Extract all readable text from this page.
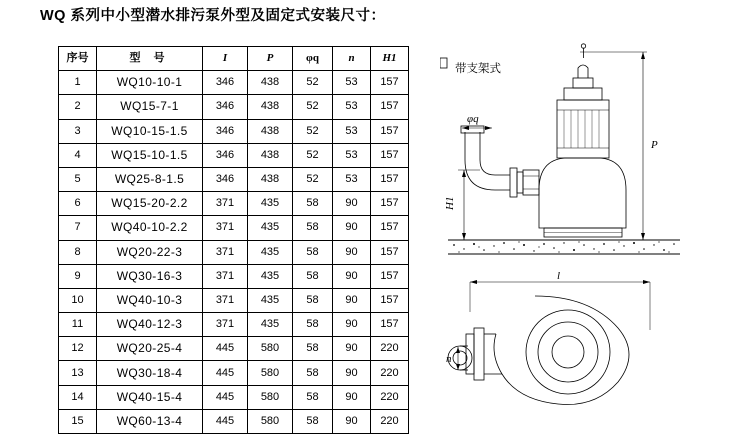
WQ 系列中小型潜水排污泵外型及固定式安装尺寸：
序号	型 号	I	P	φq	n	H1
1	WQ10-10-1	346	438	52	53	157
2	WQ15-7-1	346	438	52	53	157
3	WQ10-15-1.5	346	438	52	53	157
4	WQ15-10-1.5	346	438	52	53	157
5	WQ25-8-1.5	346	438	52	53	157
6	WQ15-20-2.2	371	435	58	90	157
7	WQ40-10-2.2	371	435	58	90	157
8	WQ20-22-3	371	435	58	90	157
9	WQ30-16-3	371	435	58	90	157
10	WQ40-10-3	371	435	58	90	157
11	WQ40-12-3	371	435	58	90	157
12	WQ20-25-4	445	580	58	90	220
13	WQ30-18-4	445	580	58	90	220
14	WQ40-15-4	445	580	58	90	220
15	WQ60-13-4	445	580	58	90	220
带支架式
φq
H1
P
l
n
